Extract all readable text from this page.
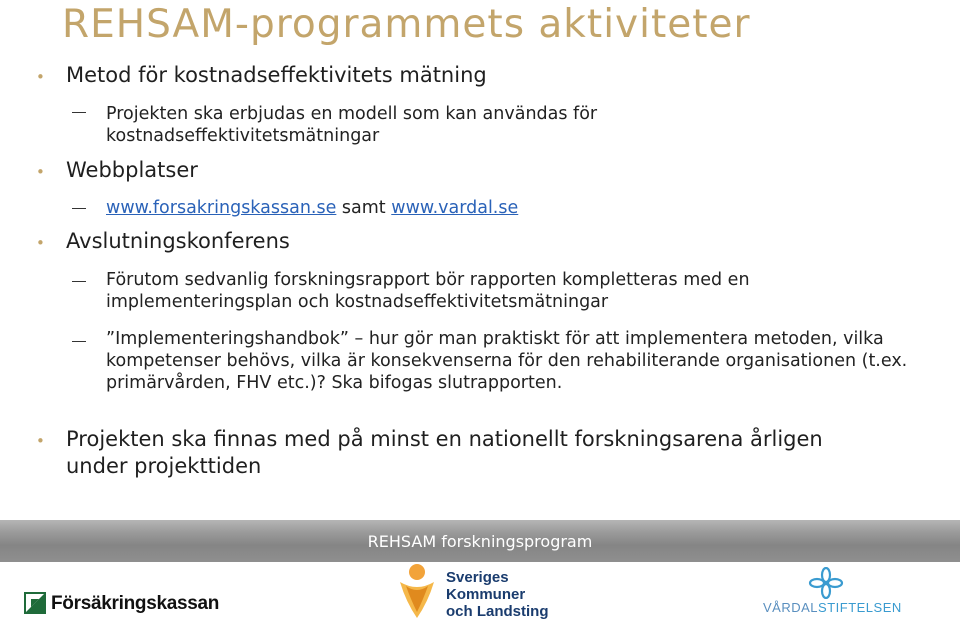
REHSAM-programmets aktiviteter
• Metod för kostnadseffektivitets mätning
Projekten ska erbjudas en modell som kan användas för kostnadseffektivitetsmätningar
• Webbplatser
www.forsakringskassan.se samt www.vardal.se
• Avslutningskonferens
Förutom sedvanlig forskningsrapport bör rapporten kompletteras med en implementeringsplan och kostnadseffektivitetsmätningar
”Implementeringshandbok” – hur gör man praktiskt för att implementera metoden, vilka kompetenser behövs, vilka är konsekvenserna för den rehabiliterande organisationen (t.ex. primärvården, FHV etc.)? Ska bifogas slutrapporten.
• Projekten ska finnas med på minst en nationellt forskningsarena årligen under projekttiden
REHSAM forskningsprogram
Försäkringskassan
Sveriges
Kommuner
och Landsting	VÅRDALSTIFTELSEN
